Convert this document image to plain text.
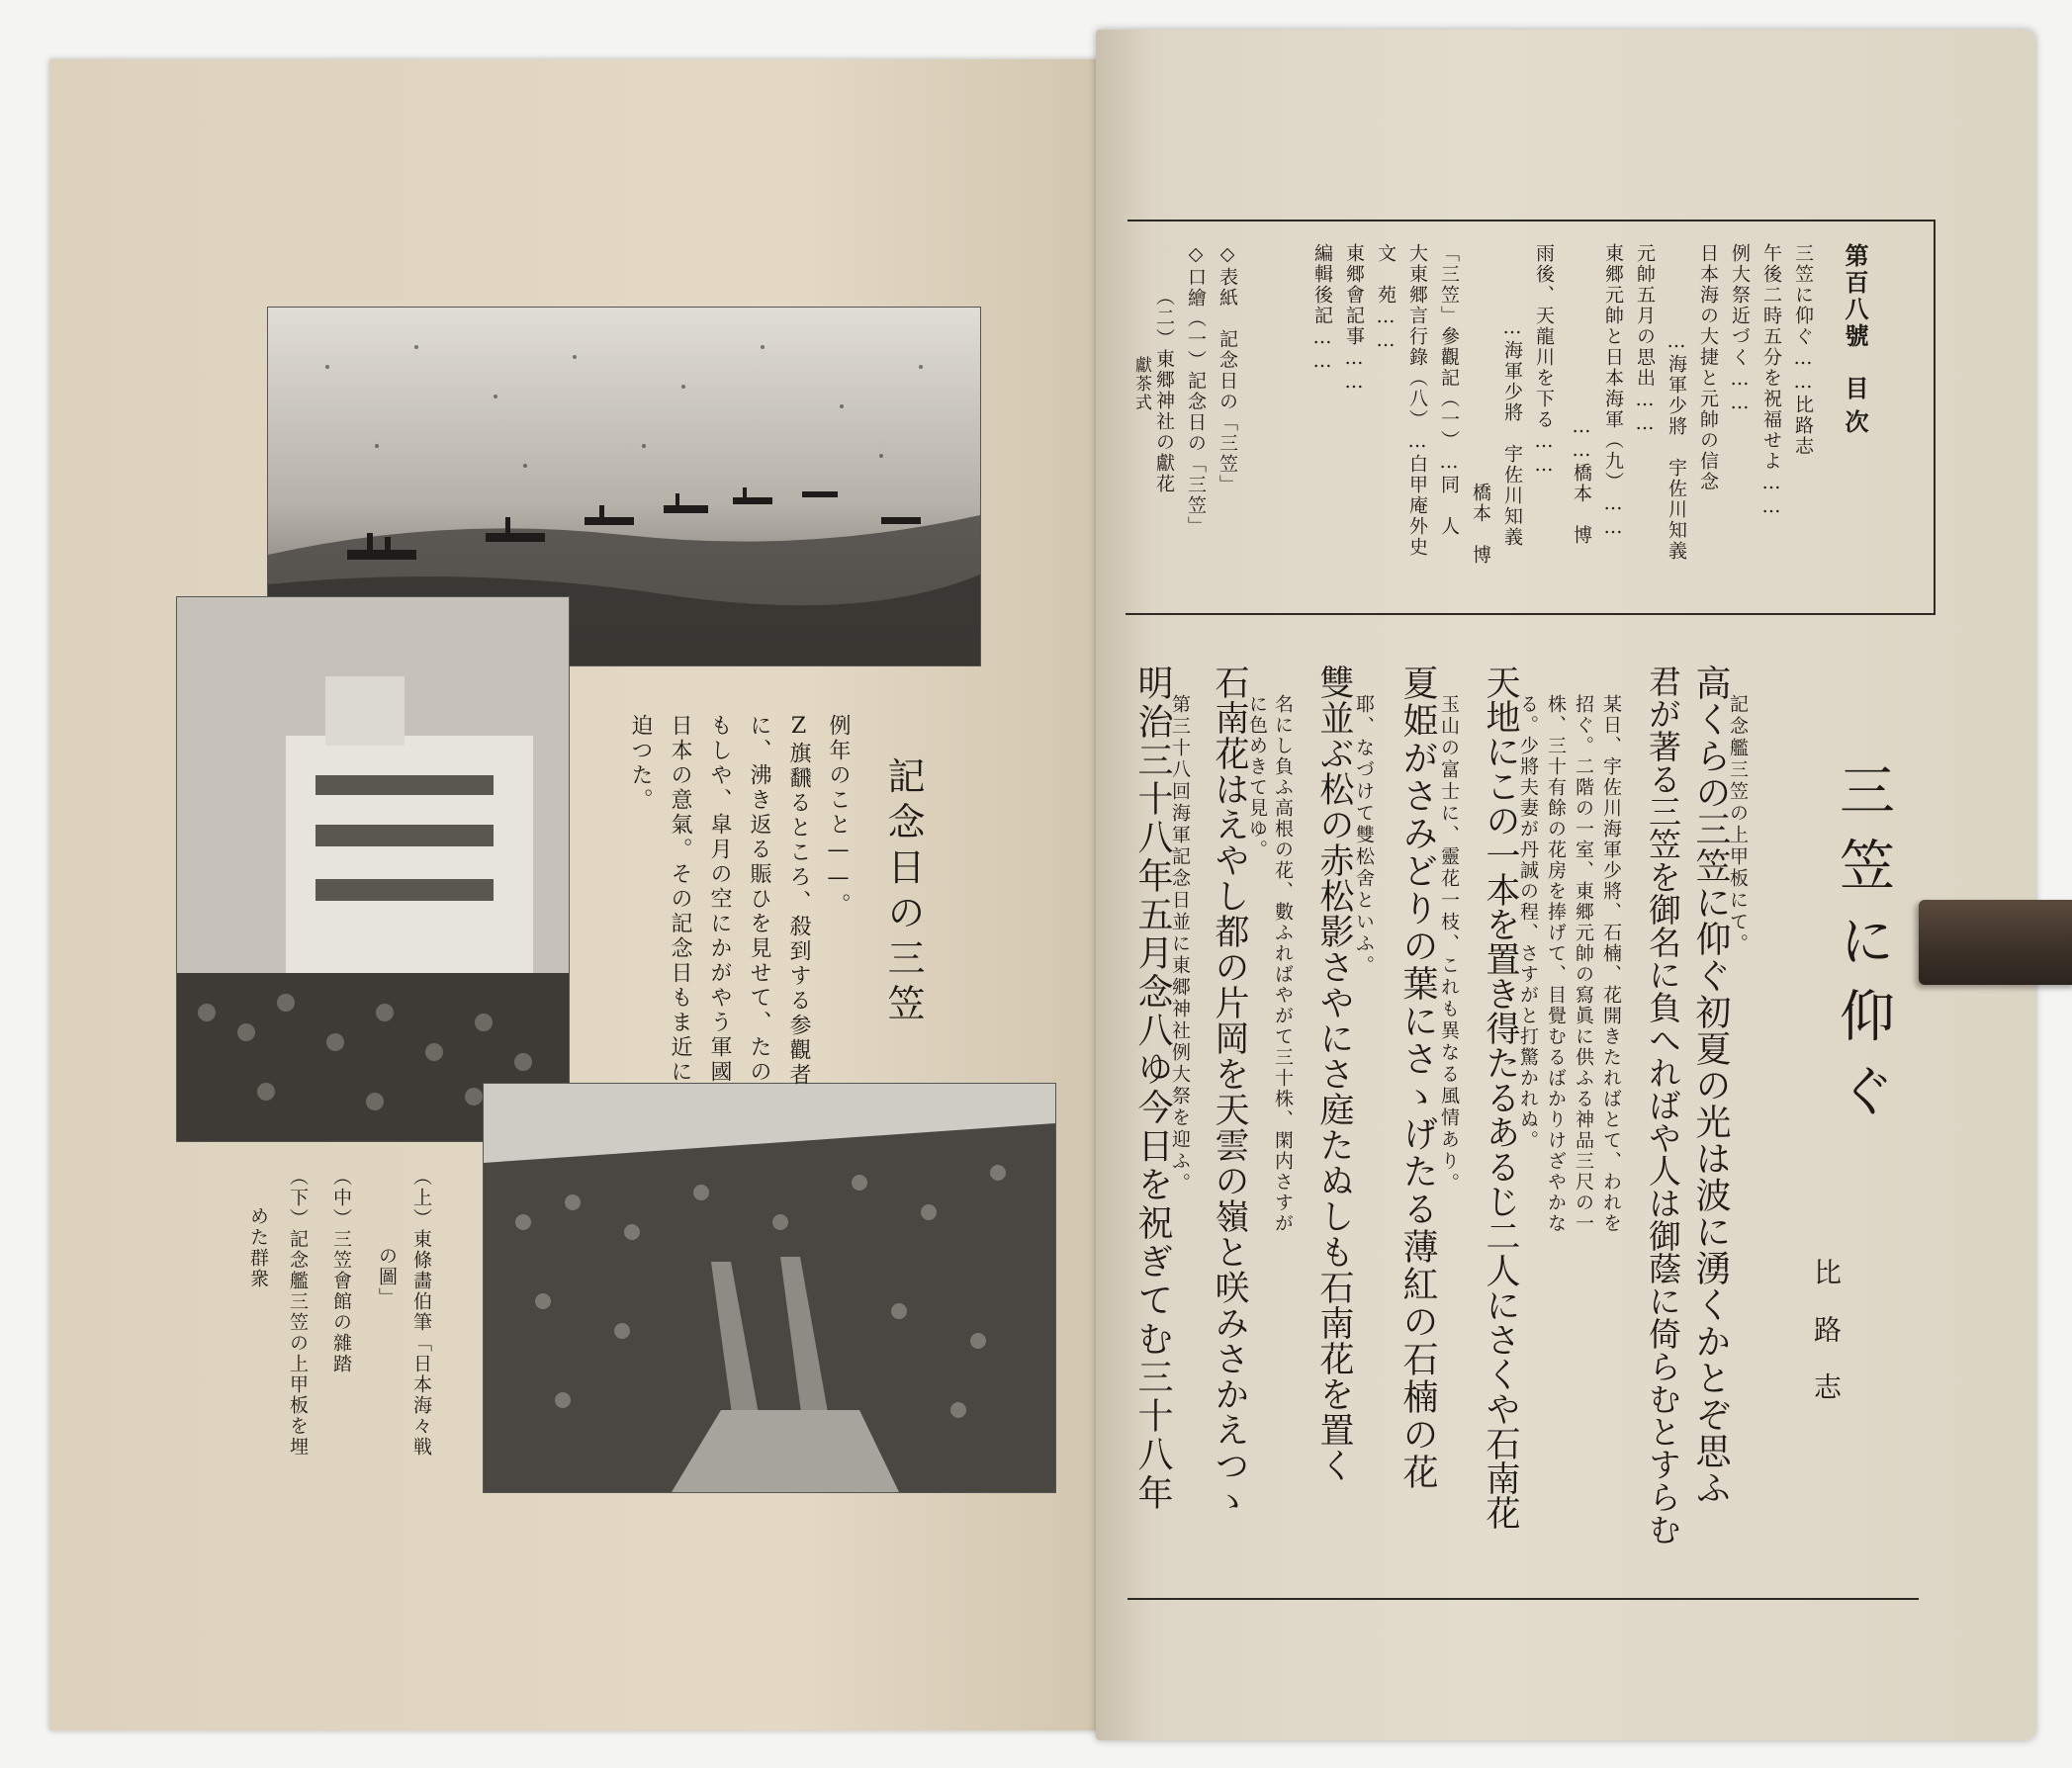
記念日の三笠
例年のこと——。
Z旗飜るところ、殺到する参觀者
に、沸き返る賑ひを見せて、たの
もしや、皐月の空にかがやう軍國
日本の意氣。その記念日もま近に
迫つた。
（上）東條畵伯筆「日本海々戦
の圖」
（中）三笠會館の雜踏
（下）記念艦三笠の上甲板を埋
めた群衆
第百八號
目次
三笠に仰ぐ……比路志
午後二時五分を祝福せよ……
例大祭近づく……
日本海の大捷と元帥の信念
…海軍少將　宇佐川知義
元帥五月の思出……
東郷元帥と日本海軍（九）……
……橋本　博
雨後、天龍川を下る……
…海軍少將　宇佐川知義
橋本　博
「三笠」參觀記（一）…同　人
大東郷言行錄（八）…白甲庵外史
文　苑……
東郷會記事……
編輯後記……
◇表紙　記念日の「三笠」
◇口繪（一）記念日の「三笠」
（二）東郷神社の獻花
獻茶式
三笠に仰ぐ
比路志
記念艦三笠の上甲板にて。
高くらの三笠に仰ぐ初夏の光は波に湧くかとぞ思ふ
君が著る三笠を御名に負へればや人は御蔭に倚らむとすらむ
某日、宇佐川海軍少將、石楠、花開きたればとて、われを
招ぐ。二階の一室、東郷元帥の寫眞に供ふる神品三尺の一
株、三十有餘の花房を捧げて、目覺むるばかりけざやかな
る。少將夫妻が丹誠の程、さすがと打驚かれぬ。
天地にこの一本を置き得たるあるじ二人にさくや石南花
玉山の富士に、靈花一枝、これも異なる風情あり。
夏姫がさみどりの葉にさゝげたる薄紅の石楠の花
耶、なづけて雙松舍といふ。
雙並ぶ松の赤松影さやにさ庭たぬしも石南花を置く
名にし負ふ高根の花、數ふればやがて三十株、閑内さすが
に色めきて見ゆ。
石南花はえやし都の片岡を天雲の嶺と咲みさかえつゝ
第三十八回海軍記念日並に東郷神社例大祭を迎ふ。
明治三十八年五月念八ゆ今日を祝ぎてむ三十八年
